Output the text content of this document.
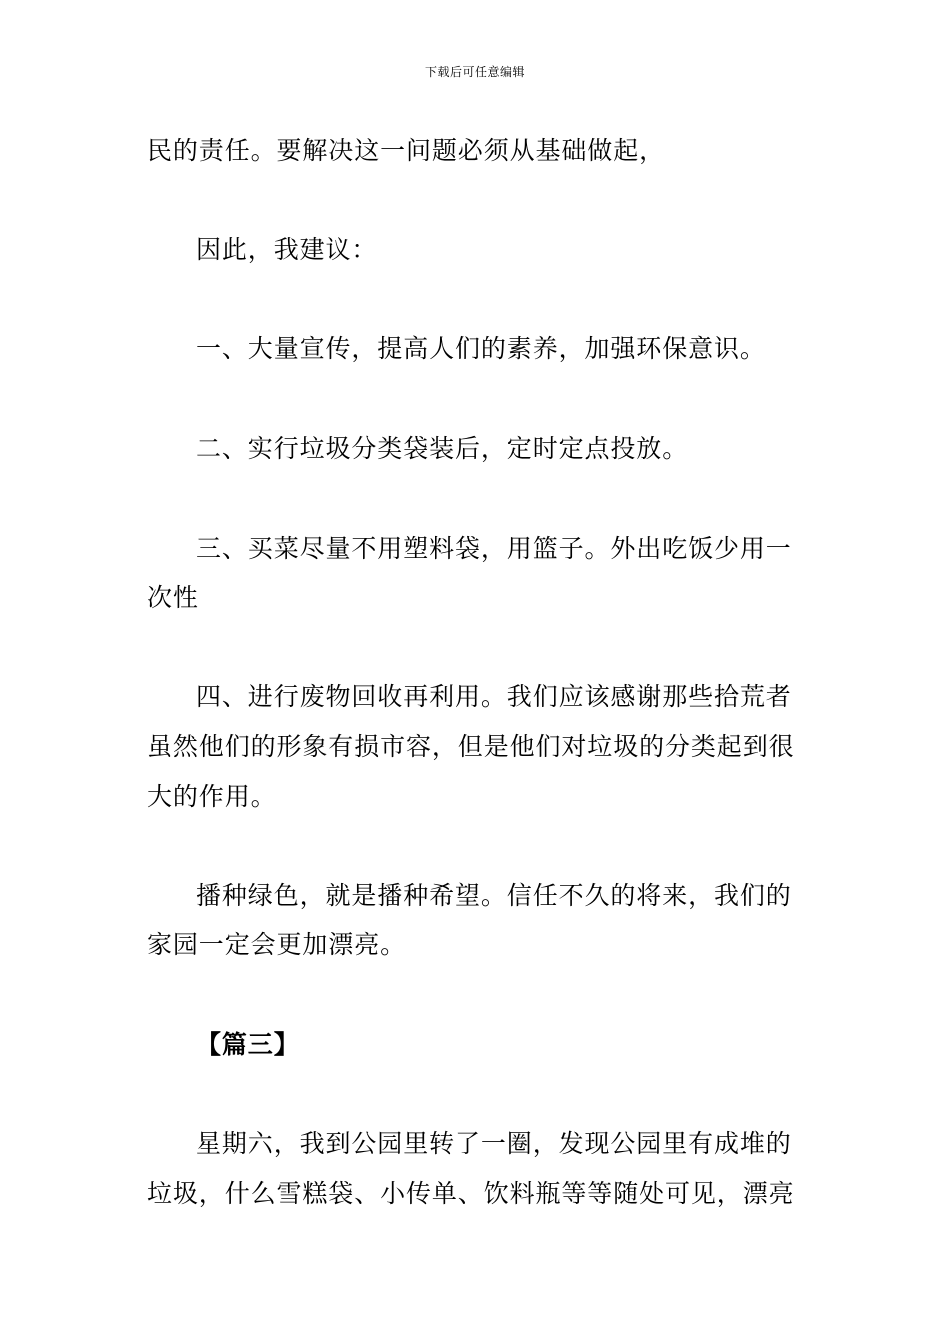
下载后可任意编辑
民的责任。要解决这一问题必须从基础做起，
因此，我建议：
一、大量宣传，提高人们的素养，加强环保意识。
二、实行垃圾分类袋装后，定时定点投放。
三、买菜尽量不用塑料袋，用篮子。外出吃饭少用一
次性
四、进行废物回收再利用。我们应该感谢那些拾荒者
虽然他们的形象有损市容，但是他们对垃圾的分类起到很
大的作用。
播种绿色，就是播种希望。信任不久的将来，我们的
家园一定会更加漂亮。
【篇三】
星期六，我到公园里转了一圈，发现公园里有成堆的
垃圾，什么雪糕袋、小传单、饮料瓶等等随处可见，漂亮
